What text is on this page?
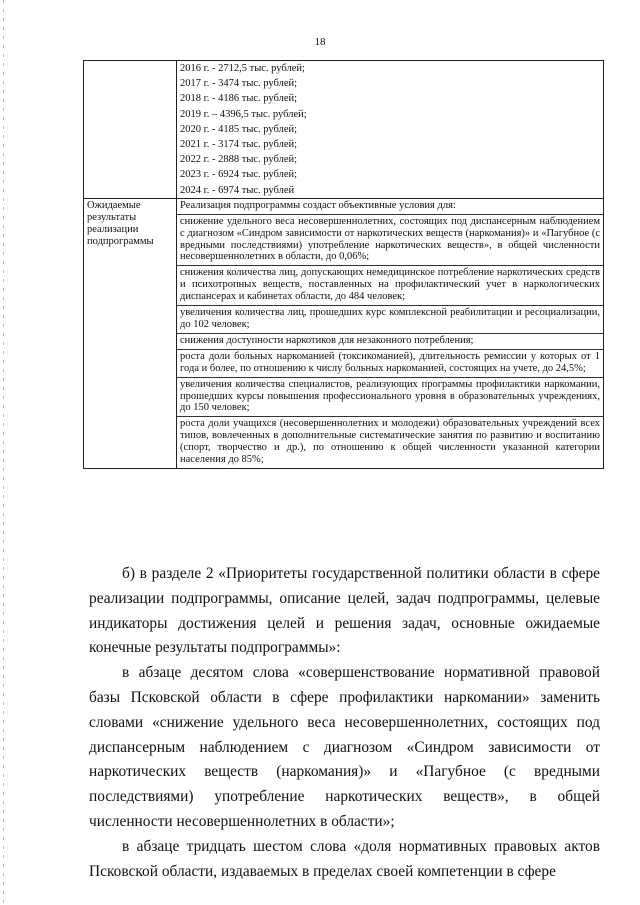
18
2016 г. - 2712,5 тыс. рублей;
2017 г. - 3474 тыс. рублей;
2018 г. - 4186 тыс. рублей;
2019 г. – 4396,5 тыс. рублей;
2020 г. - 4185 тыс. рублей;
2021 г. - 3174 тыс. рублей;
2022 г. - 2888 тыс. рублей;
2023 г. - 6924 тыс. рублей;
2024 г. - 6974 тыс. рублей
Ожидаемые результаты реализации подпрограммы
Реализация подпрограммы создаст объективные условия для:
снижение удельного веса несовершеннолетних, состоящих под диспансерным наблюдением с диагнозом «Синдром зависимости от наркотических веществ (наркомания)» и «Пагубное (с вредными последствиями) употребление наркотических веществ», в общей численности несовершеннолетних в области, до 0,06%;
снижения количества лиц, допускающих немедицинское потребление наркотических средств и психотропных веществ, поставленных на профилактический учет в наркологических диспансерах и кабинетах области, до 484 человек;
увеличения количества лиц, прошедших курс комплексной реабилитации и ресоциализации, до 102 человек;
снижения доступности наркотиков для незаконного потребления;
роста доли больных наркоманией (токсикоманией), длительность ремиссии у которых от 1 года и более, по отношению к числу больных наркоманией, состоящих на учете, до 24,5%;
увеличения количества специалистов, реализующих программы профилактики наркомании, прошедших курсы повышения профессионального уровня в образовательных учреждениях, до 150 человек;
роста доли учащихся (несовершеннолетних и молодежи) образовательных учреждений всех типов, вовлеченных в дополнительные систематические занятия по развитию и воспитанию (спорт, творчество и др.), по отношению к общей численности указанной категории населения до 85%;

б) в разделе 2 «Приоритеты государственной политики области в сфере реализации подпрограммы, описание целей, задач подпрограммы, целевые индикаторы достижения целей и решения задач, основные ожидаемые конечные результаты подпрограммы»:

в абзаце десятом слова «совершенствование нормативной правовой базы Псковской области в сфере профилактики наркомании» заменить словами «снижение удельного веса несовершеннолетних, состоящих под диспансерным наблюдением с диагнозом «Синдром зависимости от наркотических веществ (наркомания)» и «Пагубное (с вредными последствиями) употребление наркотических веществ», в общей численности несовершеннолетних в области»;

в абзаце тридцать шестом слова «доля нормативных правовых актов Псковской области, издаваемых в пределах своей компетенции в сфере
